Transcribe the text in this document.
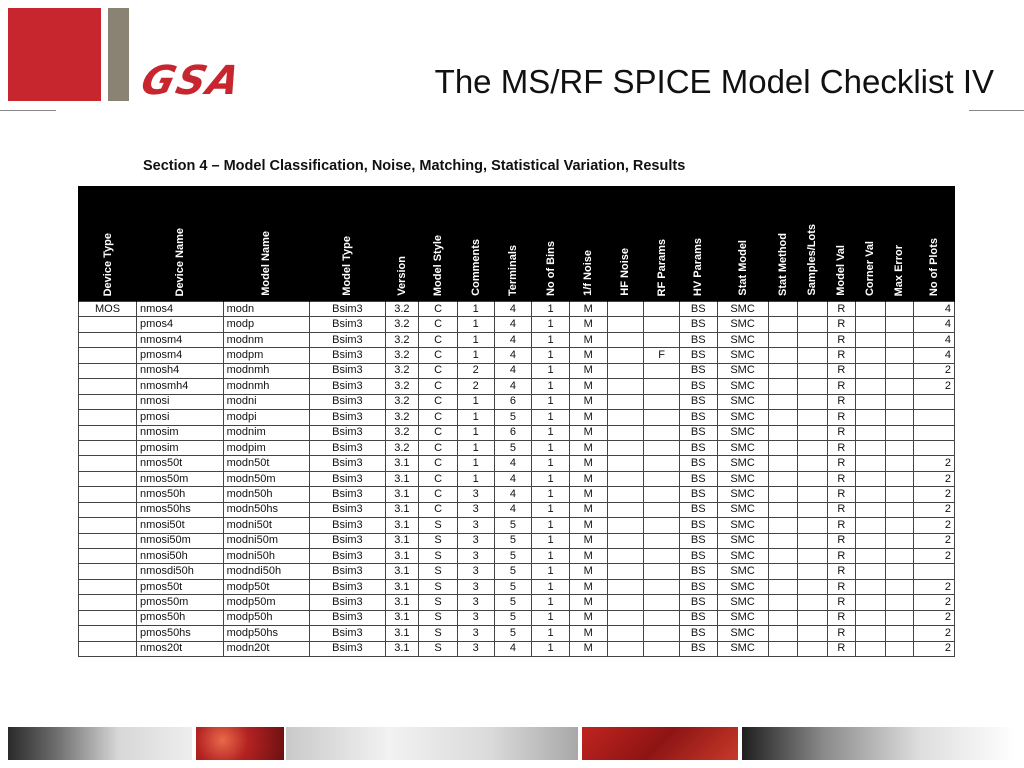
GSA	The MS/RF SPICE Model Checklist IV
Section 4 – Model Classification, Noise, Matching, Statistical Variation, Results
Device Type	Device Name	Model Name	Model Type	Version	Model Style	Comments	Terminals	No of Bins	1/f Noise	HF Noise	RF Params	HV Params	Stat Model	Stat Method	Samples/Lots	Model Val	Corner Val	Max Error	No of Plots
MOS	nmos4	modn	Bsim3	3.2	C	1	4	1	M			BS	SMC			R			4
	pmos4	modp	Bsim3	3.2	C	1	4	1	M			BS	SMC			R			4
	nmosm4	modnm	Bsim3	3.2	C	1	4	1	M			BS	SMC			R			4
	pmosm4	modpm	Bsim3	3.2	C	1	4	1	M		F	BS	SMC			R			4
	nmosh4	modnmh	Bsim3	3.2	C	2	4	1	M			BS	SMC			R			2
	nmosmh4	modnmh	Bsim3	3.2	C	2	4	1	M			BS	SMC			R			2
	nmosi	modni	Bsim3	3.2	C	1	6	1	M			BS	SMC			R			
	pmosi	modpi	Bsim3	3.2	C	1	5	1	M			BS	SMC			R			
	nmosim	modnim	Bsim3	3.2	C	1	6	1	M			BS	SMC			R			
	pmosim	modpim	Bsim3	3.2	C	1	5	1	M			BS	SMC			R			
	nmos50t	modn50t	Bsim3	3.1	C	1	4	1	M			BS	SMC			R			2
	nmos50m	modn50m	Bsim3	3.1	C	1	4	1	M			BS	SMC			R			2
	nmos50h	modn50h	Bsim3	3.1	C	3	4	1	M			BS	SMC			R			2
	nmos50hs	modn50hs	Bsim3	3.1	C	3	4	1	M			BS	SMC			R			2
	nmosi50t	modni50t	Bsim3	3.1	S	3	5	1	M			BS	SMC			R			2
	nmosi50m	modni50m	Bsim3	3.1	S	3	5	1	M			BS	SMC			R			2
	nmosi50h	modni50h	Bsim3	3.1	S	3	5	1	M			BS	SMC			R			2
	nmosdi50h	modndi50h	Bsim3	3.1	S	3	5	1	M			BS	SMC			R			
	pmos50t	modp50t	Bsim3	3.1	S	3	5	1	M			BS	SMC			R			2
	pmos50m	modp50m	Bsim3	3.1	S	3	5	1	M			BS	SMC			R			2
	pmos50h	modp50h	Bsim3	3.1	S	3	5	1	M			BS	SMC			R			2
	pmos50hs	modp50hs	Bsim3	3.1	S	3	5	1	M			BS	SMC			R			2
	nmos20t	modn20t	Bsim3	3.1	S	3	4	1	M			BS	SMC			R			2
